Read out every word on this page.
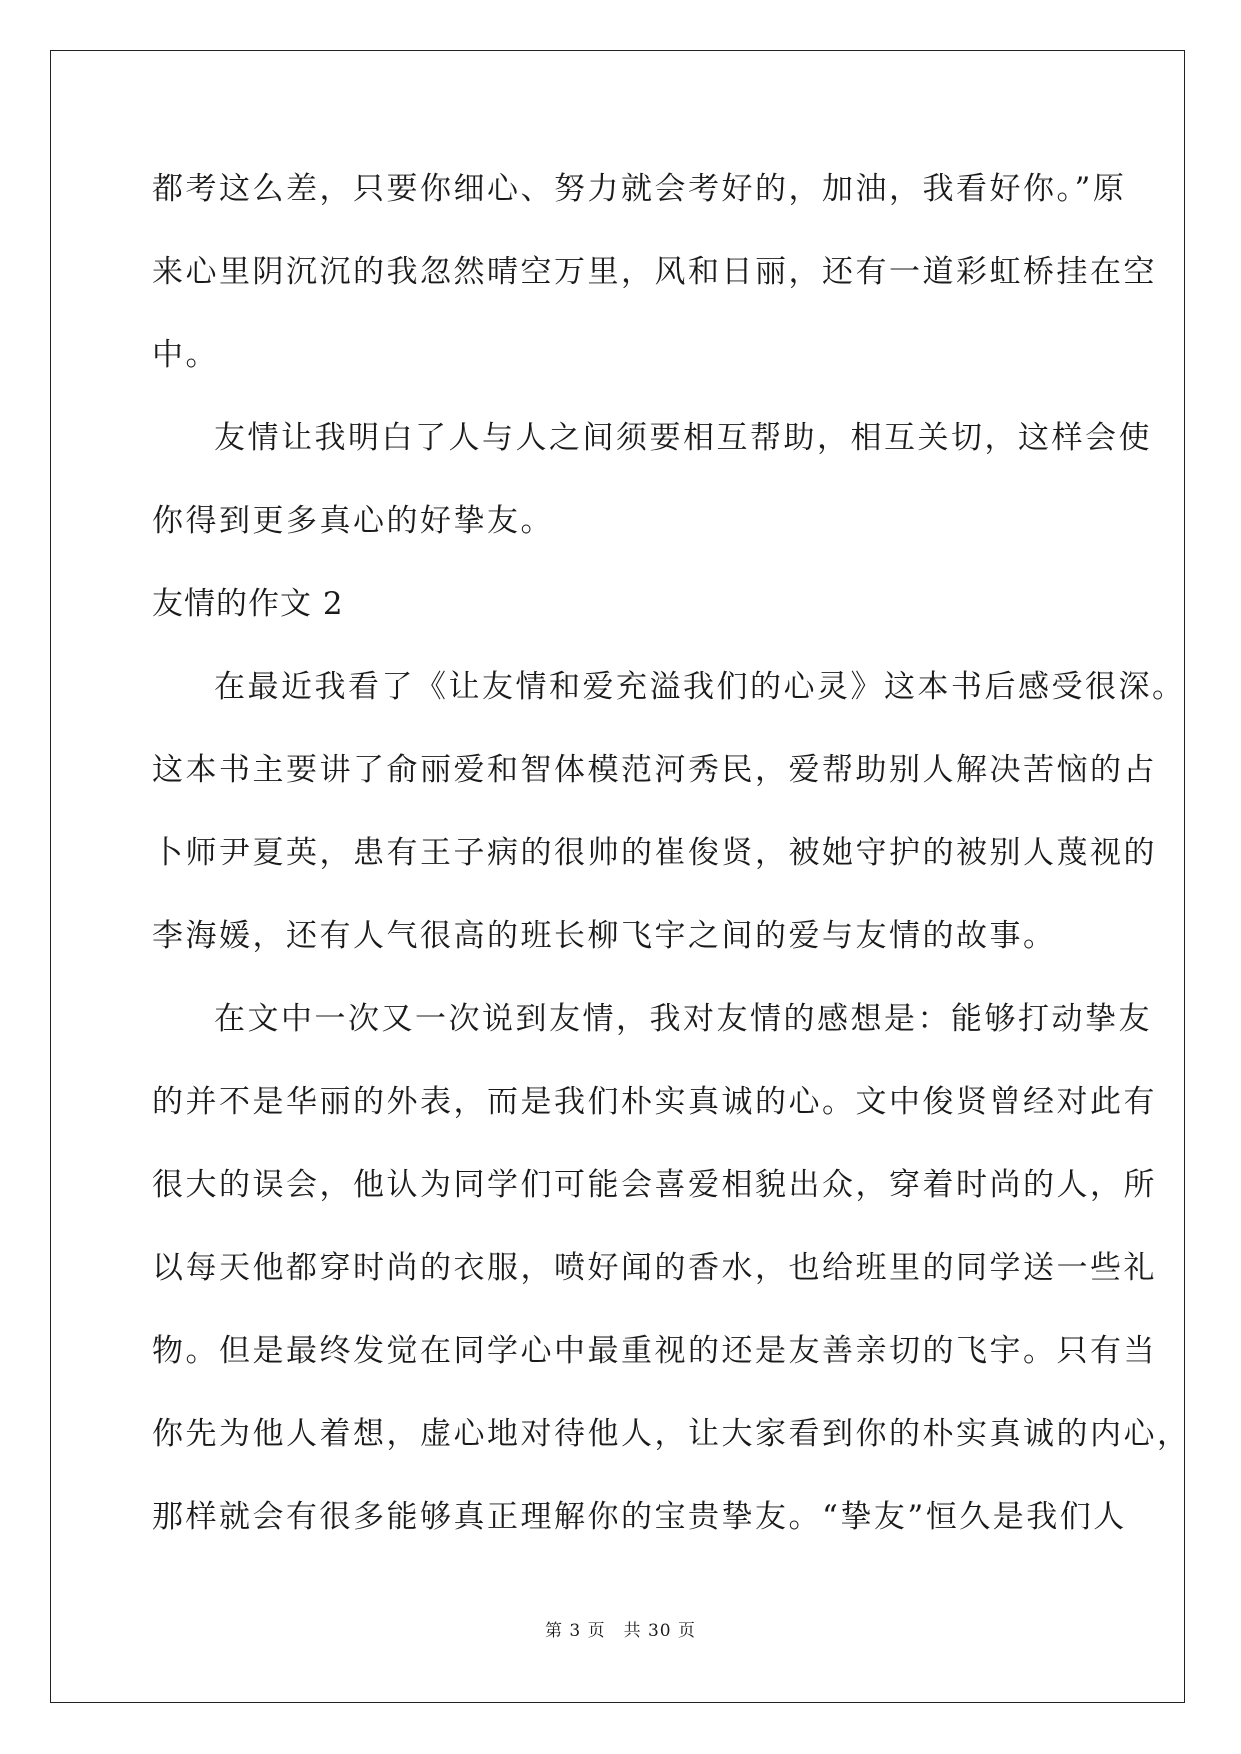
都考这么差，只要你细心、努力就会考好的，加油，我看好你。”原
来心里阴沉沉的我忽然晴空万里，风和日丽，还有一道彩虹桥挂在空
中。
友情让我明白了人与人之间须要相互帮助，相互关切，这样会使
你得到更多真心的好挚友。
友情的作文 2
在最近我看了《让友情和爱充溢我们的心灵》这本书后感受很深。
这本书主要讲了俞丽爱和智体模范河秀民，爱帮助别人解决苦恼的占
卜师尹夏英，患有王子病的很帅的崔俊贤，被她守护的被别人蔑视的
李海媛，还有人气很高的班长柳飞宇之间的爱与友情的故事。
在文中一次又一次说到友情，我对友情的感想是：能够打动挚友
的并不是华丽的外表，而是我们朴实真诚的心。文中俊贤曾经对此有
很大的误会，他认为同学们可能会喜爱相貌出众，穿着时尚的人，所
以每天他都穿时尚的衣服，喷好闻的香水，也给班里的同学送一些礼
物。但是最终发觉在同学心中最重视的还是友善亲切的飞宇。只有当
你先为他人着想，虚心地对待他人，让大家看到你的朴实真诚的内心，
那样就会有很多能够真正理解你的宝贵挚友。“挚友”恒久是我们人
第 3 页　共 30 页
